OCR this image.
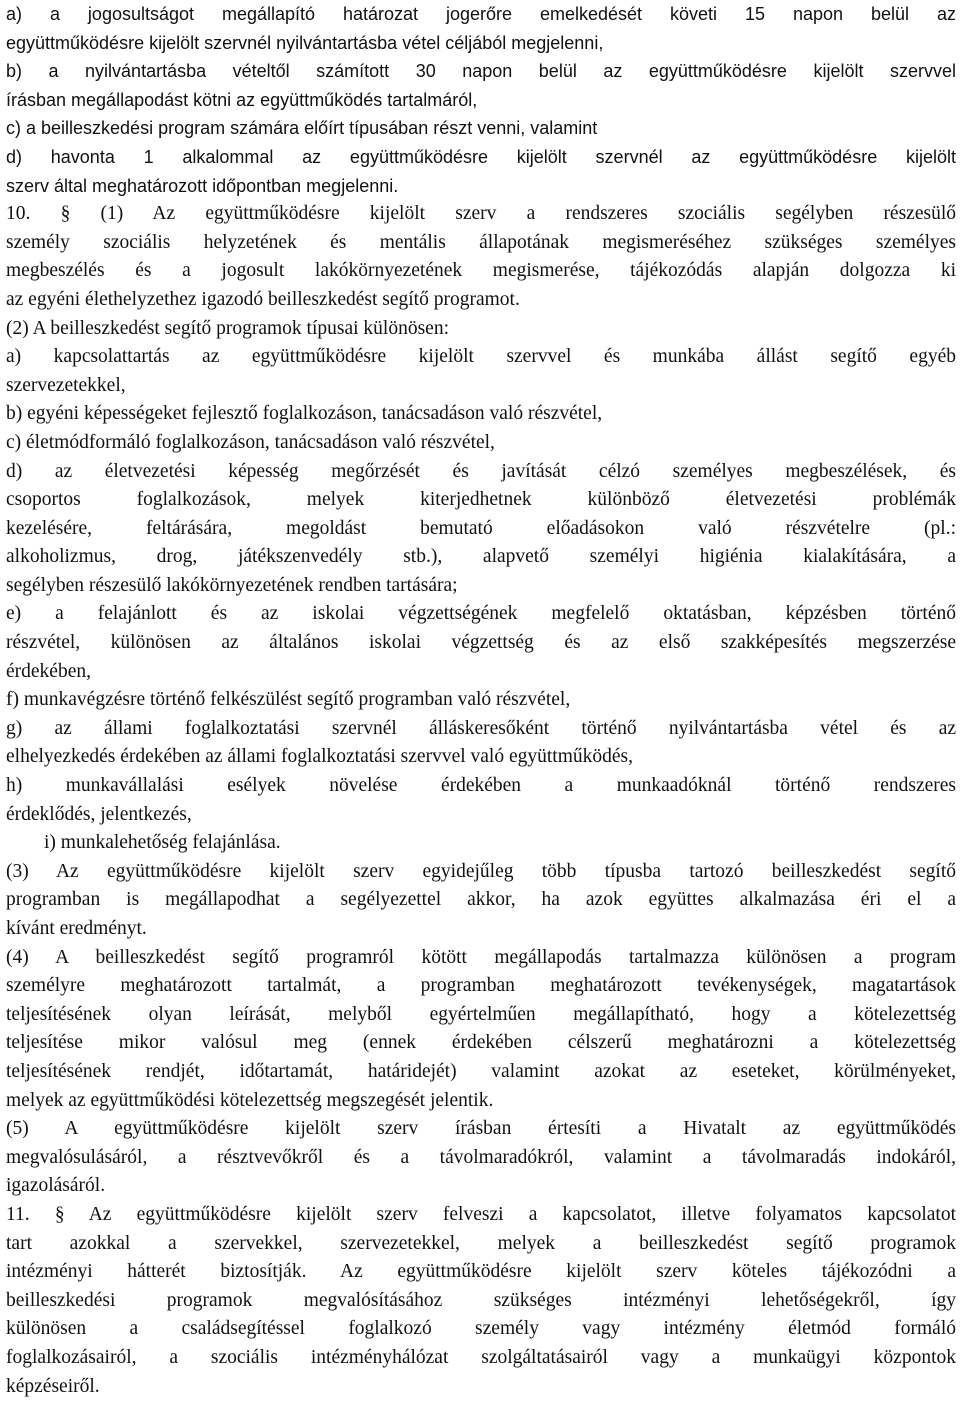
a) a jogosultságot megállapító határozat jogerőre emelkedését követi 15 napon belül az
együttműködésre kijelölt szervnél nyilvántartásba vétel céljából megjelenni,
b) a nyilvántartásba vételtől számított 30 napon belül az együttműködésre kijelölt szervvel
írásban megállapodást kötni az együttműködés tartalmáról,
c) a beilleszkedési program számára előírt típusában részt venni, valamint
d) havonta 1 alkalommal az együttműködésre kijelölt szervnél az együttműködésre kijelölt
szerv által meghatározott időpontban megjelenni.
10. § (1) Az együttműködésre kijelölt szerv a rendszeres szociális segélyben részesülő
személy szociális helyzetének és mentális állapotának megismeréséhez szükséges személyes
megbeszélés és a jogosult lakókörnyezetének megismerése, tájékozódás alapján dolgozza ki
az egyéni élethelyzethez igazodó beilleszkedést segítő programot.
(2) A beilleszkedést segítő programok típusai különösen:
a) kapcsolattartás az együttműködésre kijelölt szervvel és munkába állást segítő egyéb
szervezetekkel,
b) egyéni képességeket fejlesztő foglalkozáson, tanácsadáson való részvétel,
c) életmódformáló foglalkozáson, tanácsadáson való részvétel,
d) az életvezetési képesség megőrzését és javítását célzó személyes megbeszélések, és
csoportos foglalkozások, melyek kiterjedhetnek különböző életvezetési problémák
kezelésére, feltárására, megoldást bemutató előadásokon való részvételre (pl.:
alkoholizmus, drog, játékszenvedély stb.), alapvető személyi higiénia kialakítására, a
segélyben részesülő lakókörnyezetének rendben tartására;
e) a felajánlott és az iskolai végzettségének megfelelő oktatásban, képzésben történő
részvétel, különösen az általános iskolai végzettség és az első szakképesítés megszerzése
érdekében,
f) munkavégzésre történő felkészülést segítő programban való részvétel,
g) az állami foglalkoztatási szervnél álláskeresőként történő nyilvántartásba vétel és az
elhelyezkedés érdekében az állami foglalkoztatási szervvel való együttműködés,
h) munkavállalási esélyek növelése érdekében a munkaadóknál történő rendszeres
érdeklődés, jelentkezés,
i) munkalehetőség felajánlása.
(3) Az együttműködésre kijelölt szerv egyidejűleg több típusba tartozó beilleszkedést segítő
programban is megállapodhat a segélyezettel akkor, ha azok együttes alkalmazása éri el a
kívánt eredményt.
(4) A beilleszkedést segítő programról kötött megállapodás tartalmazza különösen a program
személyre meghatározott tartalmát, a programban meghatározott tevékenységek, magatartások
teljesítésének olyan leírását, melyből egyértelműen megállapítható, hogy a kötelezettség
teljesítése mikor valósul meg (ennek érdekében célszerű meghatározni a kötelezettség
teljesítésének rendjét, időtartamát, határidejét) valamint azokat az eseteket, körülményeket,
melyek az együttműködési kötelezettség megszegését jelentik.
(5) A együttműködésre kijelölt szerv írásban értesíti a Hivatalt az együttműködés
megvalósulásáról, a résztvevőkről és a távolmaradókról, valamint a távolmaradás indokáról,
igazolásáról.
11. § Az együttműködésre kijelölt szerv felveszi a kapcsolatot, illetve folyamatos kapcsolatot
tart azokkal a szervekkel, szervezetekkel, melyek a beilleszkedést segítő programok
intézményi hátterét biztosítják. Az együttműködésre kijelölt szerv köteles tájékozódni a
beilleszkedési programok megvalósításához szükséges intézményi lehetőségekről, így
különösen a családsegítéssel foglalkozó személy vagy intézmény életmód formáló
foglalkozásairól, a szociális intézményhálózat szolgáltatásairól vagy a munkaügyi központok
képzéseiről.
